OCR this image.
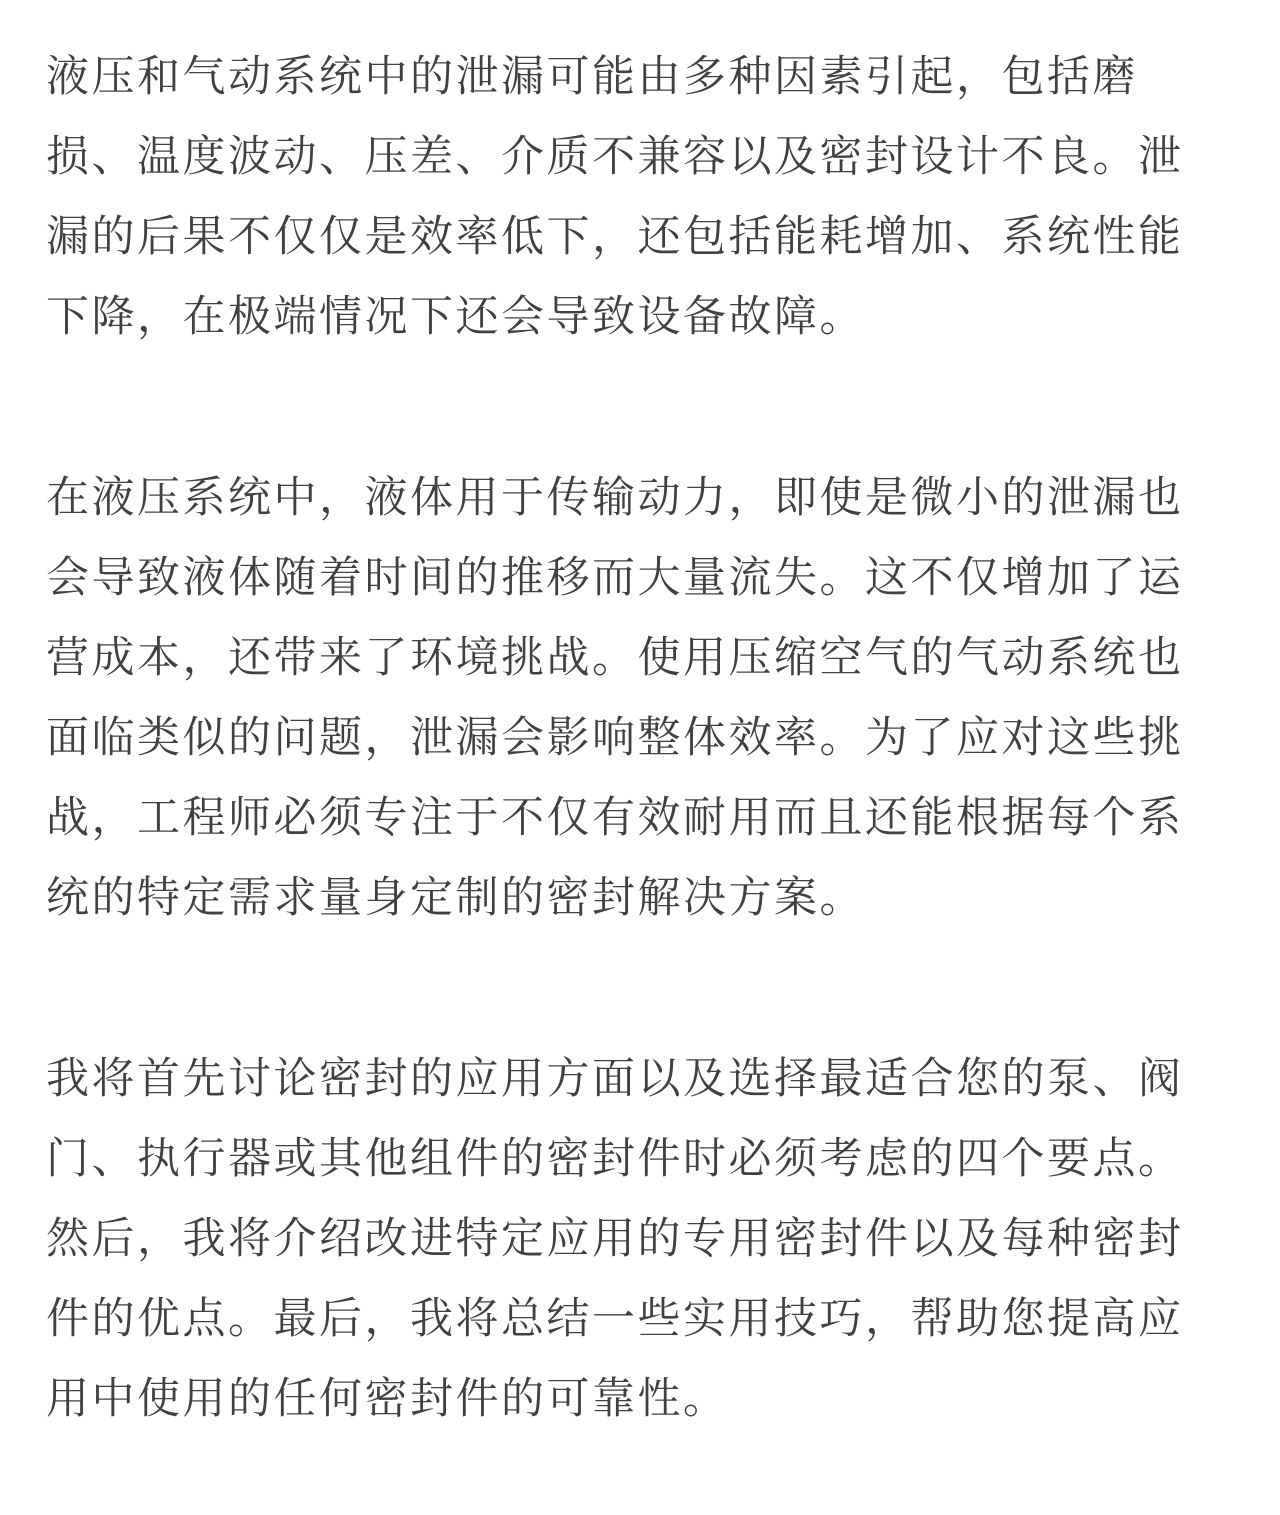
液压和气动系统中的泄漏可能由多种因素引起，包括磨
损、温度波动、压差、介质不兼容以及密封设计不良。泄
漏的后果不仅仅是效率低下，还包括能耗增加、系统性能
下降，在极端情况下还会导致设备故障。
在液压系统中，液体用于传输动力，即使是微小的泄漏也
会导致液体随着时间的推移而大量流失。这不仅增加了运
营成本，还带来了环境挑战。使用压缩空气的气动系统也
面临类似的问题，泄漏会影响整体效率。为了应对这些挑
战，工程师必须专注于不仅有效耐用而且还能根据每个系
统的特定需求量身定制的密封解决方案。
我将首先讨论密封的应用方面以及选择最适合您的泵、阀
门、执行器或其他组件的密封件时必须考虑的四个要点。
然后，我将介绍改进特定应用的专用密封件以及每种密封
件的优点。最后，我将总结一些实用技巧，帮助您提高应
用中使用的任何密封件的可靠性。
